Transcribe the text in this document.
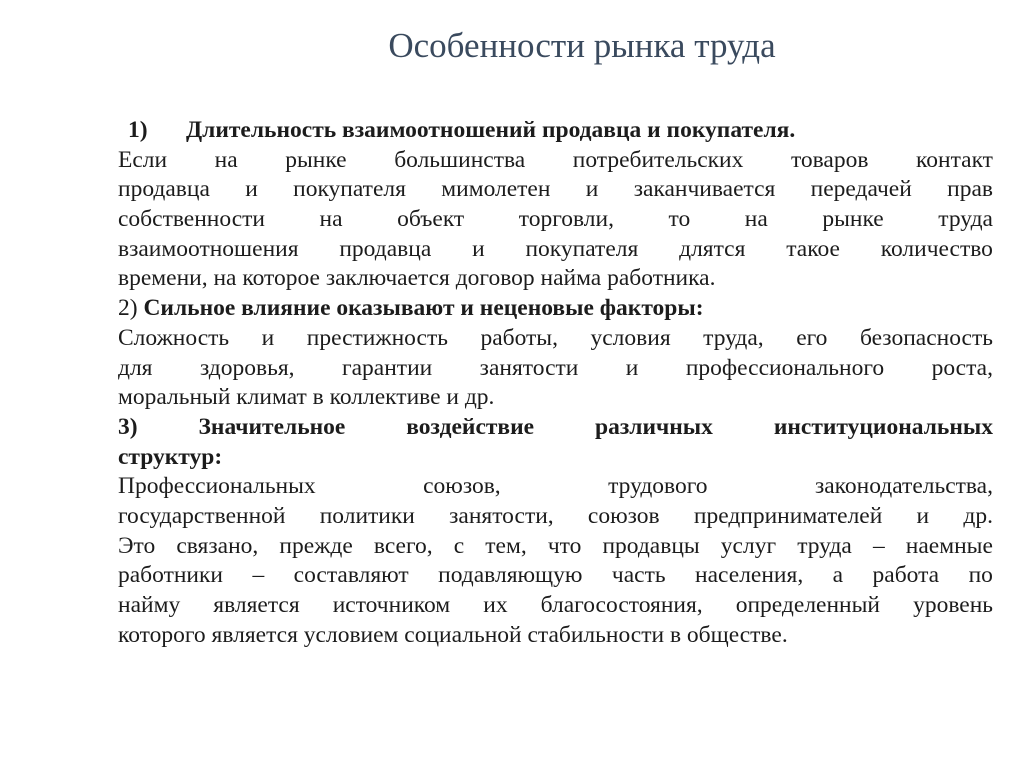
Особенности рынка труда
1) Длительность взаимоотношений продавца и покупателя.
Если на рынке большинства потребительских товаров контакт
продавца и покупателя мимолетен и заканчивается передачей прав
собственности на объект торговли, то на рынке труда
взаимоотношения продавца и покупателя длятся такое количество
времени, на которое заключается договор найма работника.
2) Сильное влияние оказывают и неценовые факторы:
Сложность и престижность работы, условия труда, его безопасность
для здоровья, гарантии занятости и профессионального роста,
моральный климат в коллективе и др.
3)	Значительное	воздействие	различных	институциональных
структур:
Профессиональных	союзов,	трудового	законодательства,
государственной политики занятости, союзов предпринимателей и др.
Это связано, прежде всего, с тем, что продавцы услуг труда – наемные
работники – составляют подавляющую часть населения, а работа по
найму является источником их благосостояния, определенный уровень
которого является условием социальной стабильности в обществе.
